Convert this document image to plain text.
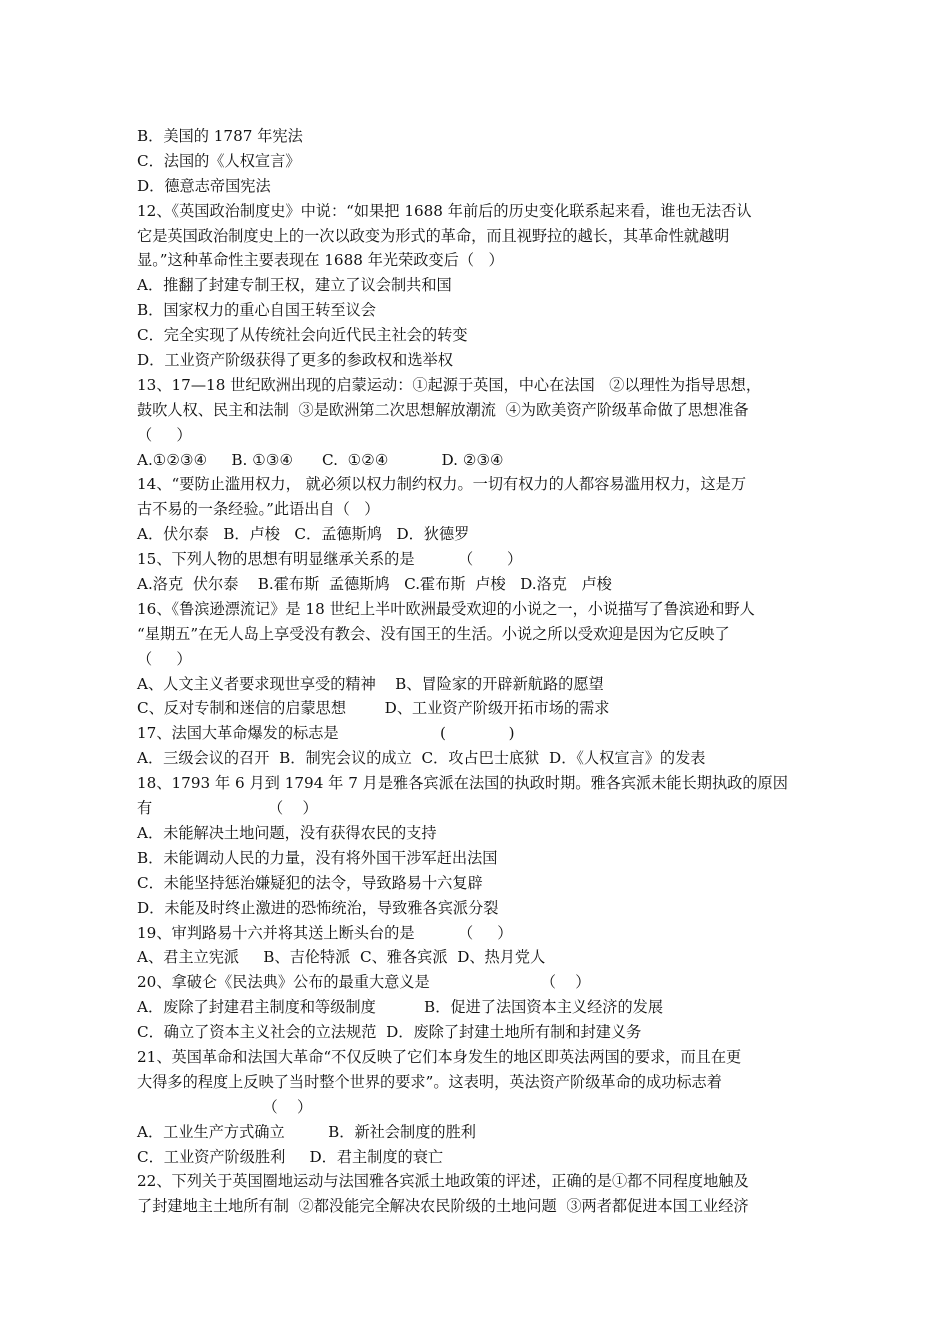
B．美国的 1787 年宪法
C．法国的《人权宣言》
D．德意志帝国宪法
12、《英国政治制度史》中说：“如果把 1688 年前后的历史变化联系起来看，谁也无法否认
它是英国政治制度史上的一次以政变为形式的革命，而且视野拉的越长，其革命性就越明
显。”这种革命性主要表现在 1688 年光荣政变后（   ）
A．推翻了封建专制王权，建立了议会制共和国
B．国家权力的重心自国王转至议会
C．完全实现了从传统社会向近代民主社会的转变
D．工业资产阶级获得了更多的参政权和选举权
13、17—18 世纪欧洲出现的启蒙运动：①起源于英国，中心在法国   ②以理性为指导思想，
鼓吹人权、民主和法制  ③是欧洲第二次思想解放潮流  ④为欧美资产阶级革命做了思想准备
（     ）
A.①②③④     B. ①③④      C.  ①②④           D. ②③④
14、“要防止滥用权力， 就必须以权力制约权力。一切有权力的人都容易滥用权力，这是万
古不易的一条经验。”此语出自（   ）
A．伏尔泰   B．卢梭   C．孟德斯鸠   D．狄德罗
15、下列人物的思想有明显继承关系的是         （       ）
A.洛克  伏尔泰    B.霍布斯  孟德斯鸠   C.霍布斯  卢梭   D.洛克   卢梭
16、《鲁滨逊漂流记》是 18 世纪上半叶欧洲最受欢迎的小说之一，小说描写了鲁滨逊和野人
“星期五”在无人岛上享受没有教会、没有国王的生活。小说之所以受欢迎是因为它反映了
（     ）
A、人文主义者要求现世享受的精神    B、冒险家的开辟新航路的愿望
C、反对专制和迷信的启蒙思想        D、工业资产阶级开拓市场的需求
17、法国大革命爆发的标志是                     (             )
A．三级会议的召开  B．制宪会议的成立  C．攻占巴士底狱  D．《人权宣言》的发表
18、1793 年 6 月到 1794 年 7 月是雅各宾派在法国的执政时期。雅各宾派未能长期执政的原因
有                        （    ）
A．未能解决土地问题，没有获得农民的支持
B．未能调动人民的力量，没有将外国干涉军赶出法国
C．未能坚持惩治嫌疑犯的法令，导致路易十六复辟
D．未能及时终止激进的恐怖统治，导致雅各宾派分裂
19、审判路易十六并将其送上断头台的是         （     ）
A、君主立宪派     B、吉伦特派  C、雅各宾派  D、热月党人
20、拿破仑《民法典》公布的最重大意义是                       （    ）
A．废除了封建君主制度和等级制度          B．促进了法国资本主义经济的发展
C．确立了资本主义社会的立法规范  D．废除了封建土地所有制和封建义务
21、英国革命和法国大革命“不仅反映了它们本身发生的地区即英法两国的要求，而且在更
大得多的程度上反映了当时整个世界的要求”。这表明，英法资产阶级革命的成功标志着
（    ）
A．工业生产方式确立         B．新社会制度的胜利
C．工业资产阶级胜利     D．君主制度的衰亡
22、下列关于英国圈地运动与法国雅各宾派土地政策的评述，正确的是①都不同程度地触及
了封建地主土地所有制  ②都没能完全解决农民阶级的土地问题  ③两者都促进本国工业经济
